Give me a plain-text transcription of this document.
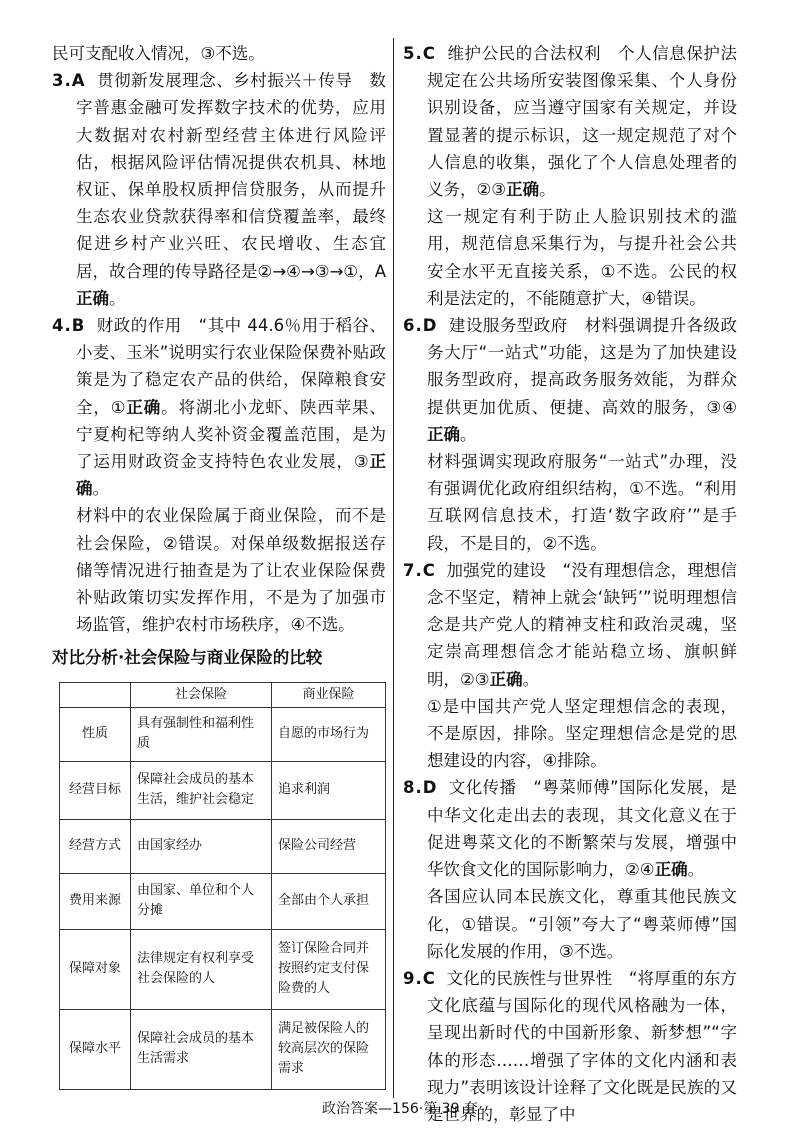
民可支配收入情况，③不选。

3.A 贯彻新发展理念、乡村振兴＋传导　数字普惠金融可发挥数字技术的优势，应用大数据对农村新型经营主体进行风险评估，根据风险评估情况提供农机具、林地权证、保单股权质押信贷服务，从而提升生态农业贷款获得率和信贷覆盖率，最终促进乡村产业兴旺、农民增收、生态宜居，故合理的传导路径是②→④→③→①，A正确。

4.B 财政的作用　“其中 44.6％用于稻谷、小麦、玉米”说明实行农业保险保费补贴政策是为了稳定农产品的供给，保障粮食安全，①正确。将湖北小龙虾、陕西苹果、宁夏枸杞等纳人奖补资金覆盖范围，是为了运用财政资金支持特色农业发展，③正确。

材料中的农业保险属于商业保险，而不是社会保险，②错误。对保单级数据报送存储等情况进行抽查是为了让农业保险保费补贴政策切实发挥作用，不是为了加强市场监管，维护农村市场秩序，④不选。

对比分析·社会保险与商业保险的比较
	社会保险	商业保险
性质	具有强制性和福利性质	自愿的市场行为
经营目标	保障社会成员的基本生活，维护社会稳定	追求利润
经营方式	由国家经办	保险公司经营
费用来源	由国家、单位和个人分摊	全部由个人承担
保障对象	法律规定有权利享受社会保险的人	签订保险合同并按照约定支付保险费的人
保障水平	保障社会成员的基本生活需求	满足被保险人的较高层次的保险需求

5.C 维护公民的合法权利　个人信息保护法规定在公共场所安装图像采集、个人身份识别设备，应当遵守国家有关规定，并设置显著的提示标识，这一规定规范了对个人信息的收集，强化了个人信息处理者的义务，②③正确。

这一规定有利于防止人脸识别技术的滥用，规范信息采集行为，与提升社会公共安全水平无直接关系，①不选。公民的权利是法定的，不能随意扩大，④错误。

6.D 建设服务型政府　材料强调提升各级政务大厅“一站式”功能，这是为了加快建设服务型政府，提高政务服务效能，为群众提供更加优质、便捷、高效的服务，③④正确。

材料强调实现政府服务“一站式”办理，没有强调优化政府组织结构，①不选。“利用互联网信息技术，打造‘数字政府’”是手段，不是目的，②不选。

7.C 加强党的建设　“没有理想信念，理想信念不坚定，精神上就会‘缺钙’”说明理想信念是共产党人的精神支柱和政治灵魂，坚定崇高理想信念才能站稳立场、旗帜鲜明，②③正确。

①是中国共产党人坚定理想信念的表现，不是原因，排除。坚定理想信念是党的思想建设的内容，④排除。

8.D 文化传播　“粤菜师傅”国际化发展，是中华文化走出去的表现，其文化意义在于促进粤菜文化的不断繁荣与发展，增强中华饮食文化的国际影响力，②④正确。

各国应认同本民族文化，尊重其他民族文化，①错误。“引领”夸大了“粤菜师傅”国际化发展的作用，③不选。

9.C 文化的民族性与世界性　“将厚重的东方文化底蕴与国际化的现代风格融为一体，呈现出新时代的中国新形象、新梦想”“字体的形态……增强了字体的文化内涵和表现力”表明该设计诠释了文化既是民族的又是世界的，彰显了中

政治答案—156·第 39 套
